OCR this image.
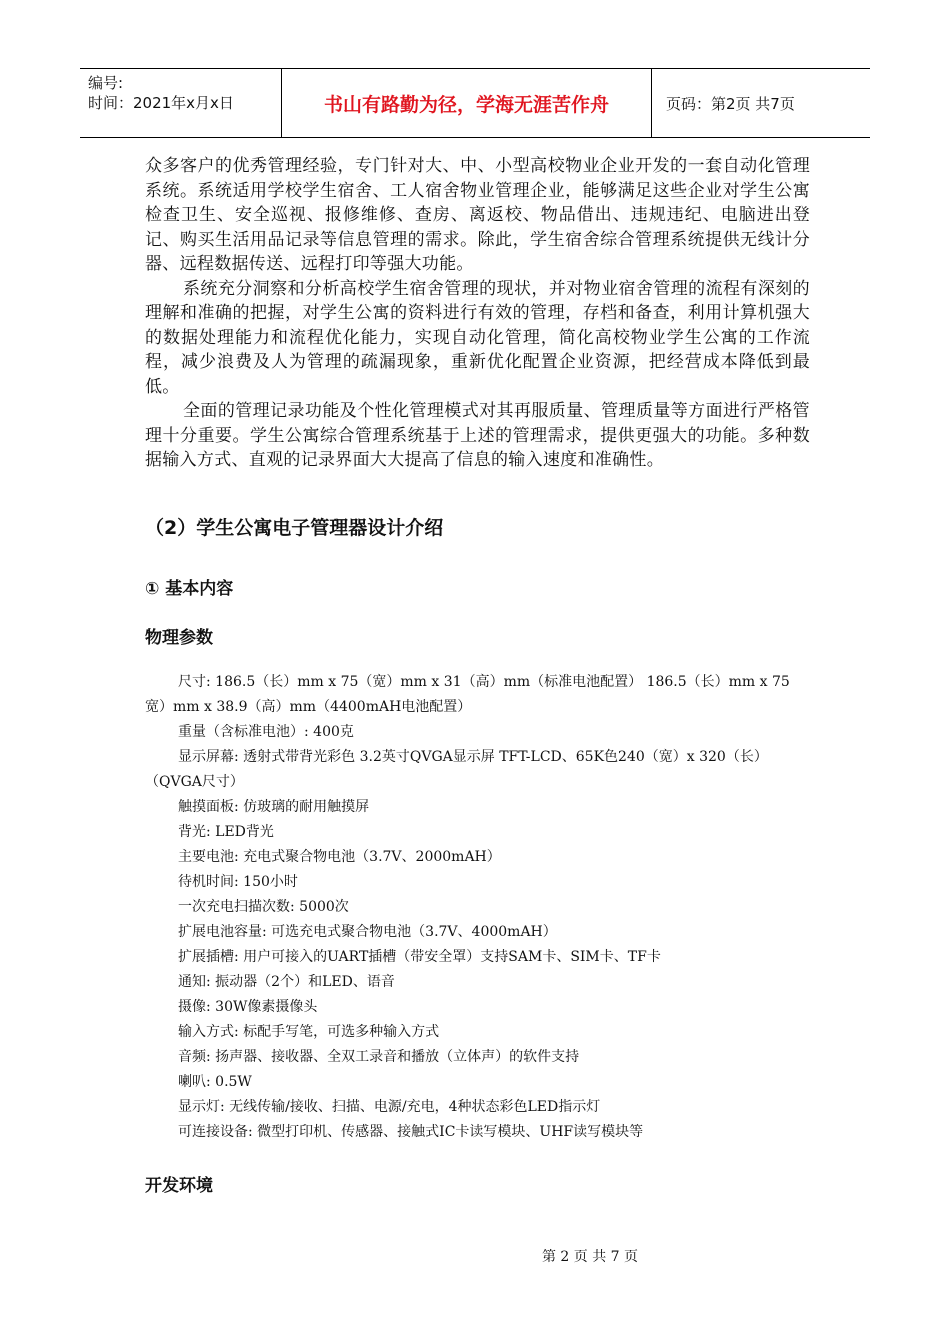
编号:
时间：2021年x月x日	书山有路勤为径，学海无涯苦作舟	页码：第2页 共7页

众多客户的优秀管理经验，专门针对大、中、小型高校物业企业开发的一套自动化管理系统。系统适用学校学生宿舍、工人宿舍物业管理企业，能够满足这些企业对学生公寓检查卫生、安全巡视、报修维修、查房、离返校、物品借出、违规违纪、电脑进出登记、购买生活用品记录等信息管理的需求。除此，学生宿舍综合管理系统提供无线计分器、远程数据传送、远程打印等强大功能。

系统充分洞察和分析高校学生宿舍管理的现状，并对物业宿舍管理的流程有深刻的理解和准确的把握，对学生公寓的资料进行有效的管理，存档和备查，利用计算机强大的数据处理能力和流程优化能力，实现自动化管理，简化高校物业学生公寓的工作流程，减少浪费及人为管理的疏漏现象，重新优化配置企业资源，把经营成本降低到最低。

全面的管理记录功能及个性化管理模式对其再服质量、管理质量等方面进行严格管理十分重要。学生公寓综合管理系统基于上述的管理需求，提供更强大的功能。多种数据输入方式、直观的记录界面大大提高了信息的输入速度和准确性。

（2）学生公寓电子管理器设计介绍
① 基本内容
物理参数

尺寸: 186.5（长）mm x 75（宽）mm x 31（高）mm（标准电池配置） 186.5（长）mm x 75宽）mm x 38.9（高）mm（4400mAH电池配置）

重量（含标准电池）: 400克

显示屏幕: 透射式带背光彩色 3.2英寸QVGA显示屏 TFT-LCD、65K色240（宽）x 320（长）（QVGA尺寸）

触摸面板: 仿玻璃的耐用触摸屏

背光: LED背光

主要电池: 充电式聚合物电池（3.7V、2000mAH）

待机时间: 150小时

一次充电扫描次数: 5000次

扩展电池容量: 可选充电式聚合物电池（3.7V、4000mAH）

扩展插槽: 用户可接入的UART插槽（带安全罩）支持SAM卡、SIM卡、TF卡

通知: 振动器（2个）和LED、语音

摄像: 30W像素摄像头

输入方式: 标配手写笔，可选多种输入方式

音频: 扬声器、接收器、全双工录音和播放（立体声）的软件支持

喇叭: 0.5W

显示灯: 无线传输/接收、扫描、电源/充电，4种状态彩色LED指示灯

可连接设备: 微型打印机、传感器、接触式IC卡读写模块、UHF读写模块等

开发环境
第 2 页 共 7 页
